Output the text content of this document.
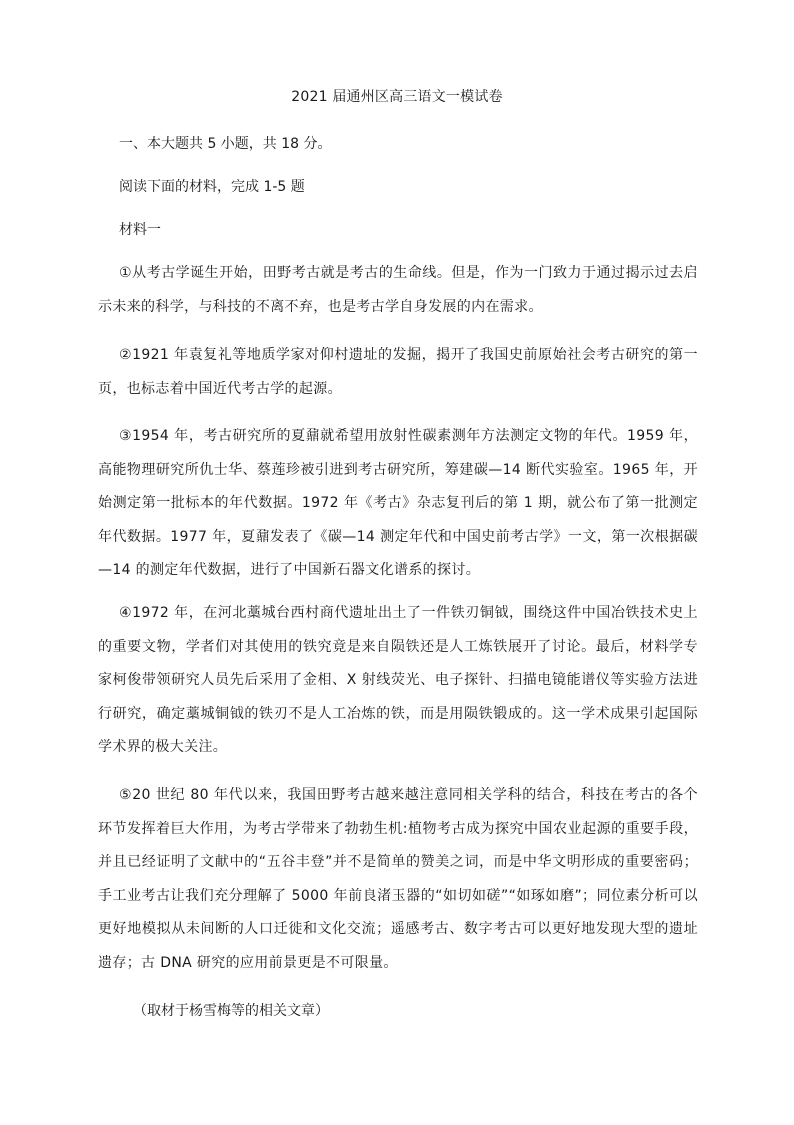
2021 届通州区高三语文一模试卷
一、本大题共 5 小题，共 18 分。
阅读下面的材料，完成 1-5 题
材料一
①从考古学诞生开始，田野考古就是考古的生命线。但是，作为一门致力于通过揭示过去启示未来的科学，与科技的不离不弃，也是考古学自身发展的内在需求。
②1921 年袁复礼等地质学家对仰村遗址的发掘，揭开了我国史前原始社会考古研究的第一页，也标志着中国近代考古学的起源。
③1954 年，考古研究所的夏鼐就希望用放射性碳素测年方法测定文物的年代。1959 年，高能物理研究所仇士华、蔡莲珍被引进到考古研究所，筹建碳—14 断代实验室。1965 年，开始测定第一批标本的年代数据。1972 年《考古》杂志复刊后的第 1 期，就公布了第一批测定年代数据。1977 年，夏鼐发表了《碳—14 测定年代和中国史前考古学》一文，第一次根据碳—14 的测定年代数据，进行了中国新石器文化谱系的探讨。
④1972 年，在河北藁城台西村商代遗址出土了一件铁刃铜钺，围绕这件中国冶铁技术史上的重要文物，学者们对其使用的铁究竟是来自陨铁还是人工炼铁展开了讨论。最后，材料学专家柯俊带领研究人员先后采用了金相、X 射线荧光、电子探针、扫描电镜能谱仪等实验方法进行研究，确定藁城铜钺的铁刃不是人工冶炼的铁，而是用陨铁锻成的。这一学术成果引起国际学术界的极大关注。
⑤20 世纪 80 年代以来，我国田野考古越来越注意同相关学科的结合，科技在考古的各个环节发挥着巨大作用，为考古学带来了勃勃生机:植物考古成为探究中国农业起源的重要手段，并且已经证明了文献中的“五谷丰登”并不是简单的赞美之词，而是中华文明形成的重要密码；手工业考古让我们充分理解了 5000 年前良渚玉器的“如切如磋”“如琢如磨”；同位素分析可以更好地模拟从未间断的人口迁徙和文化交流；遥感考古、数字考古可以更好地发现大型的遗址遗存；古 DNA 研究的应用前景更是不可限量。
（取材于杨雪梅等的相关文章）
